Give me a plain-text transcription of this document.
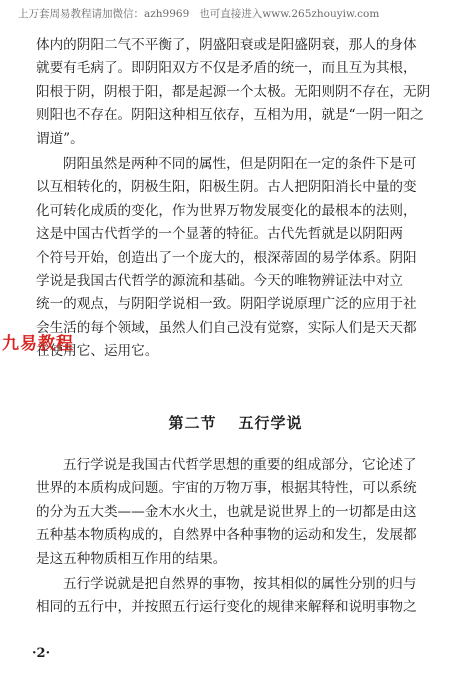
上万套周易教程请加微信：azh9969 也可直接进入www.265zhouyiw.com

体内的阴阳二气不平衡了，阴盛阳衰或是阳盛阴衰，那人的身体
就要有毛病了。即阴阳双方不仅是矛盾的统一，而且互为其根，
阳根于阴，阴根于阳，都是起源一个太极。无阳则阴不存在，无阴
则阳也不存在。阴阳这种相互依存，互相为用，就是“一阴一阳之
谓道”。

阴阳虽然是两种不同的属性，但是阴阳在一定的条件下是可
以互相转化的，阴极生阳，阳极生阴。古人把阴阳消长中量的变
化可转化成质的变化，作为世界万物发展变化的最根本的法则，
这是中国古代哲学的一个显著的特征。古代先哲就是以阴阳两
个符号开始，创造出了一个庞大的，根深蒂固的易学体系。阴阳
学说是我国古代哲学的源流和基础。今天的唯物辨证法中对立
统一的观点，与阴阳学说相一致。阴阳学说原理广泛的应用于社
会生活的每个领域，虽然人们自己没有觉察，实际人们是天天都
在使用它、运用它。

九易教程
第二节 五行学说

五行学说是我国古代哲学思想的重要的组成部分，它论述了
世界的本质构成问题。宇宙的万物万事，根据其特性，可以系统
的分为五大类——金木水火土，也就是说世界上的一切都是由这
五种基本物质构成的，自然界中各种事物的运动和发生，发展都
是这五种物质相互作用的结果。

五行学说就是把自然界的事物，按其相似的属性分别的归与
相同的五行中，并按照五行运行变化的规律来解释和说明事物之

·2·
